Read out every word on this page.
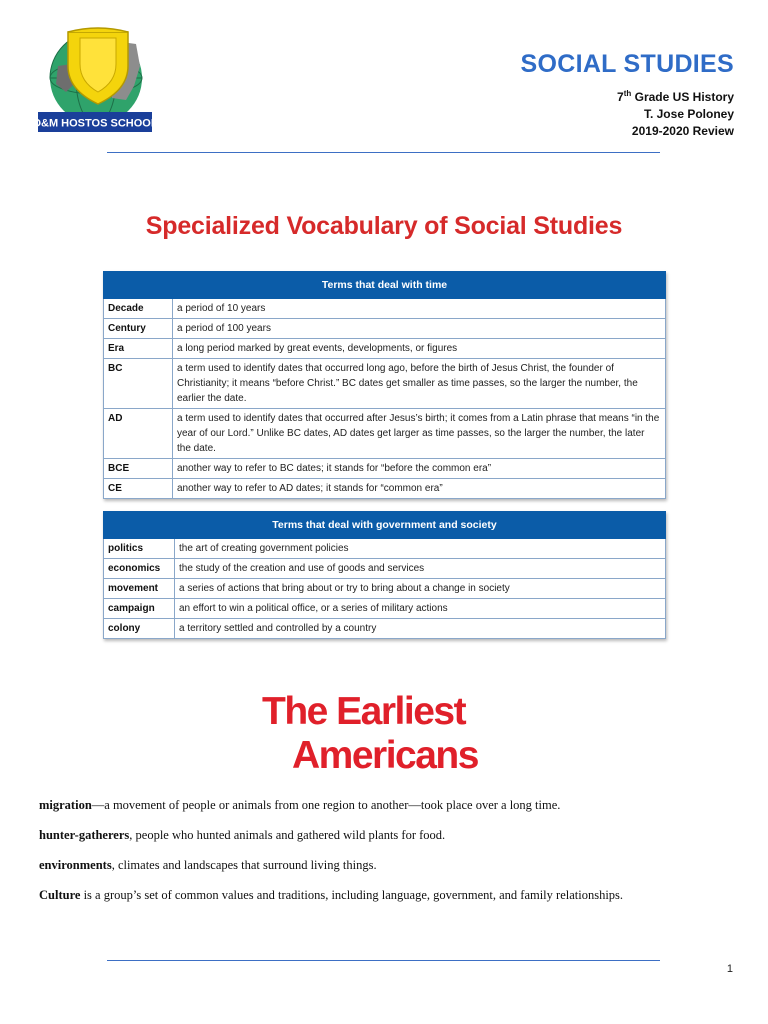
O&M HOSTOS SCHOOL
SOCIAL STUDIES
7th Grade US History
T. Jose Poloney
2019-2020 Review
Specialized Vocabulary of Social Studies
Terms that deal with time	
Decade	a period of 10 years
Century	a period of 100 years
Era	a long period marked by great events, developments, or figures
BC	a term used to identify dates that occurred long ago, before the birth of Jesus Christ, the founder of Christianity; it means “before Christ.” BC dates get smaller as time passes, so the larger the number, the earlier the date.
AD	a term used to identify dates that occurred after Jesus’s birth; it comes from a Latin phrase that means “in the year of our Lord.” Unlike BC dates, AD dates get larger as time passes, so the larger the number, the later the date.
BCE	another way to refer to BC dates; it stands for “before the common era”
CE	another way to refer to AD dates; it stands for “common era”
Terms that deal with government and society	
politics	the art of creating government policies
economics	the study of the creation and use of goods and services
movement	a series of actions that bring about or try to bring about a change in society
campaign	an effort to win a political office, or a series of military actions
colony	a territory settled and controlled by a country
The Earliest
Americans

migration—a movement of people or animals from one region to another—took place over a long time.

hunter-gatherers, people who hunted animals and gathered wild plants for food.

environments, climates and landscapes that surround living things.

Culture is a group’s set of common values and traditions, including language, government, and family relationships.

1
